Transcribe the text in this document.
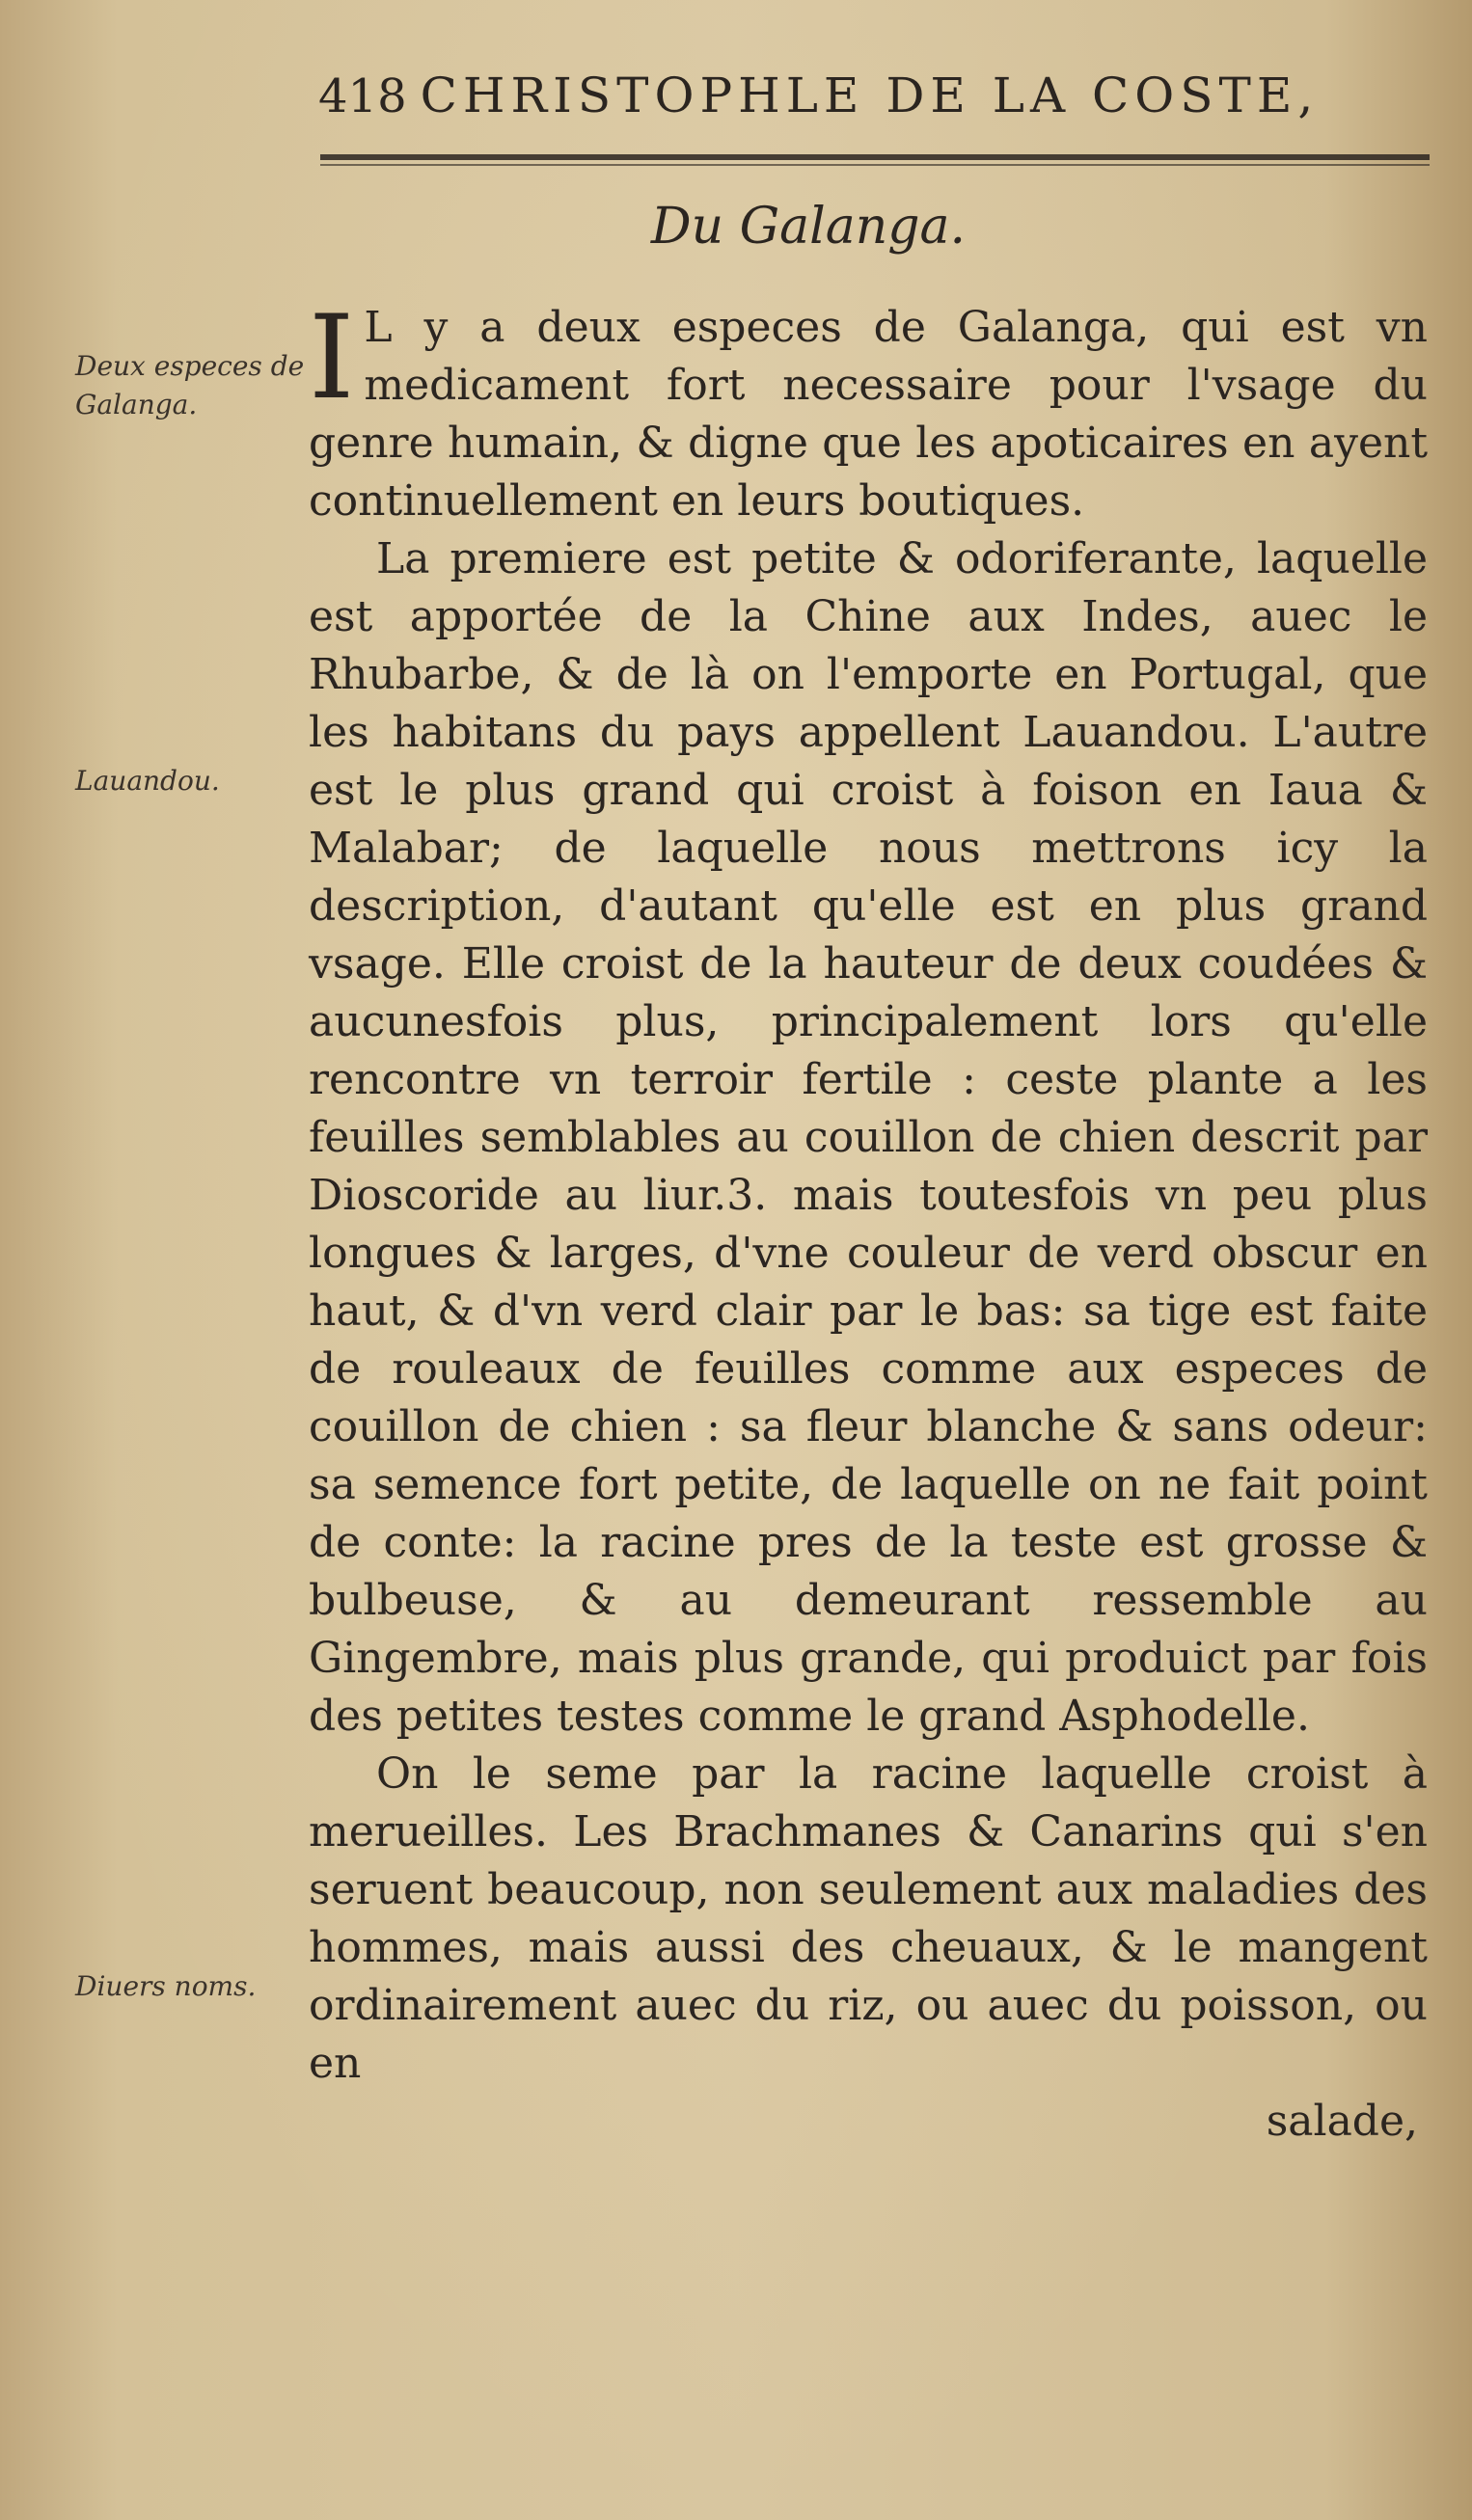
418 CHRISTOPHLE DE LA COSTE,
Du Galanga.
Deux especes de Galanga.
Lauandou.
Diuers noms.

I L y a deux especes de Galanga, qui est vn medicament fort necessaire pour l'vsage du genre humain, & digne que les apoticaires en ayent continuellement en leurs boutiques.

La premiere est petite & odoriferante, laquelle est apportée de la Chine aux Indes, auec le Rhubarbe, & de là on l'emporte en Portugal, que les habitans du pays appellent Lauandou. L'autre est le plus grand qui croist à foison en Iaua & Malabar; de laquelle nous mettrons icy la description, d'autant qu'elle est en plus grand vsage. Elle croist de la hauteur de deux coudées & aucunesfois plus, principalement lors qu'elle rencontre vn terroir fertile : ceste plante a les feuilles semblables au couillon de chien descrit par Dioscoride au liur.3. mais toutesfois vn peu plus longues & larges, d'vne couleur de verd obscur en haut, & d'vn verd clair par le bas: sa tige est faite de rouleaux de feuilles comme aux especes de couillon de chien : sa fleur blanche & sans odeur: sa semence fort petite, de laquelle on ne fait point de conte: la racine pres de la teste est grosse & bulbeuse, & au demeurant ressemble au Gingembre, mais plus grande, qui produict par fois des petites testes comme le grand Asphodelle.

On le seme par la racine laquelle croist à merueilles. Les Brachmanes & Canarins qui s'en seruent beaucoup, non seulement aux maladies des hommes, mais aussi des cheuaux, & le mangent ordinairement auec du riz, ou auec du poisson, ou en

salade,
